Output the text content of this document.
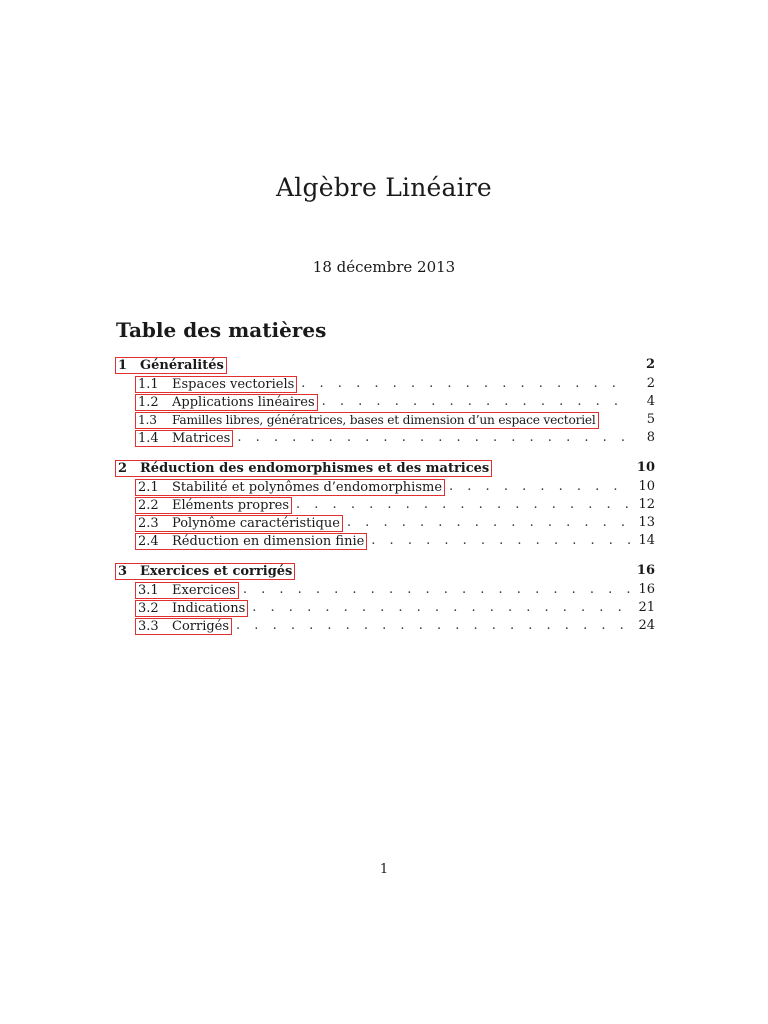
Algèbre Linéaire
18 décembre 2013
Table des matières
1 Généralités	2
1.1	Espaces vectoriels . . .	2
1.2	Applications linéaires . . .	4
1.3	Familles libres, génératrices, bases et dimension d’un espace vectoriel	5
1.4	Matrices . . .	8
2 Réduction des endomorphismes et des matrices	10
2.1	Stabilité et polynômes d’endomorphisme . . .	10
2.2	Eléments propres . . .	12
2.3	Polynôme caractéristique . . .	13
2.4	Réduction en dimension finie . . .	14
3 Exercices et corrigés	16
3.1	Exercices . . .	16
3.2	Indications . . .	21
3.3	Corrigés . . .	24
1
